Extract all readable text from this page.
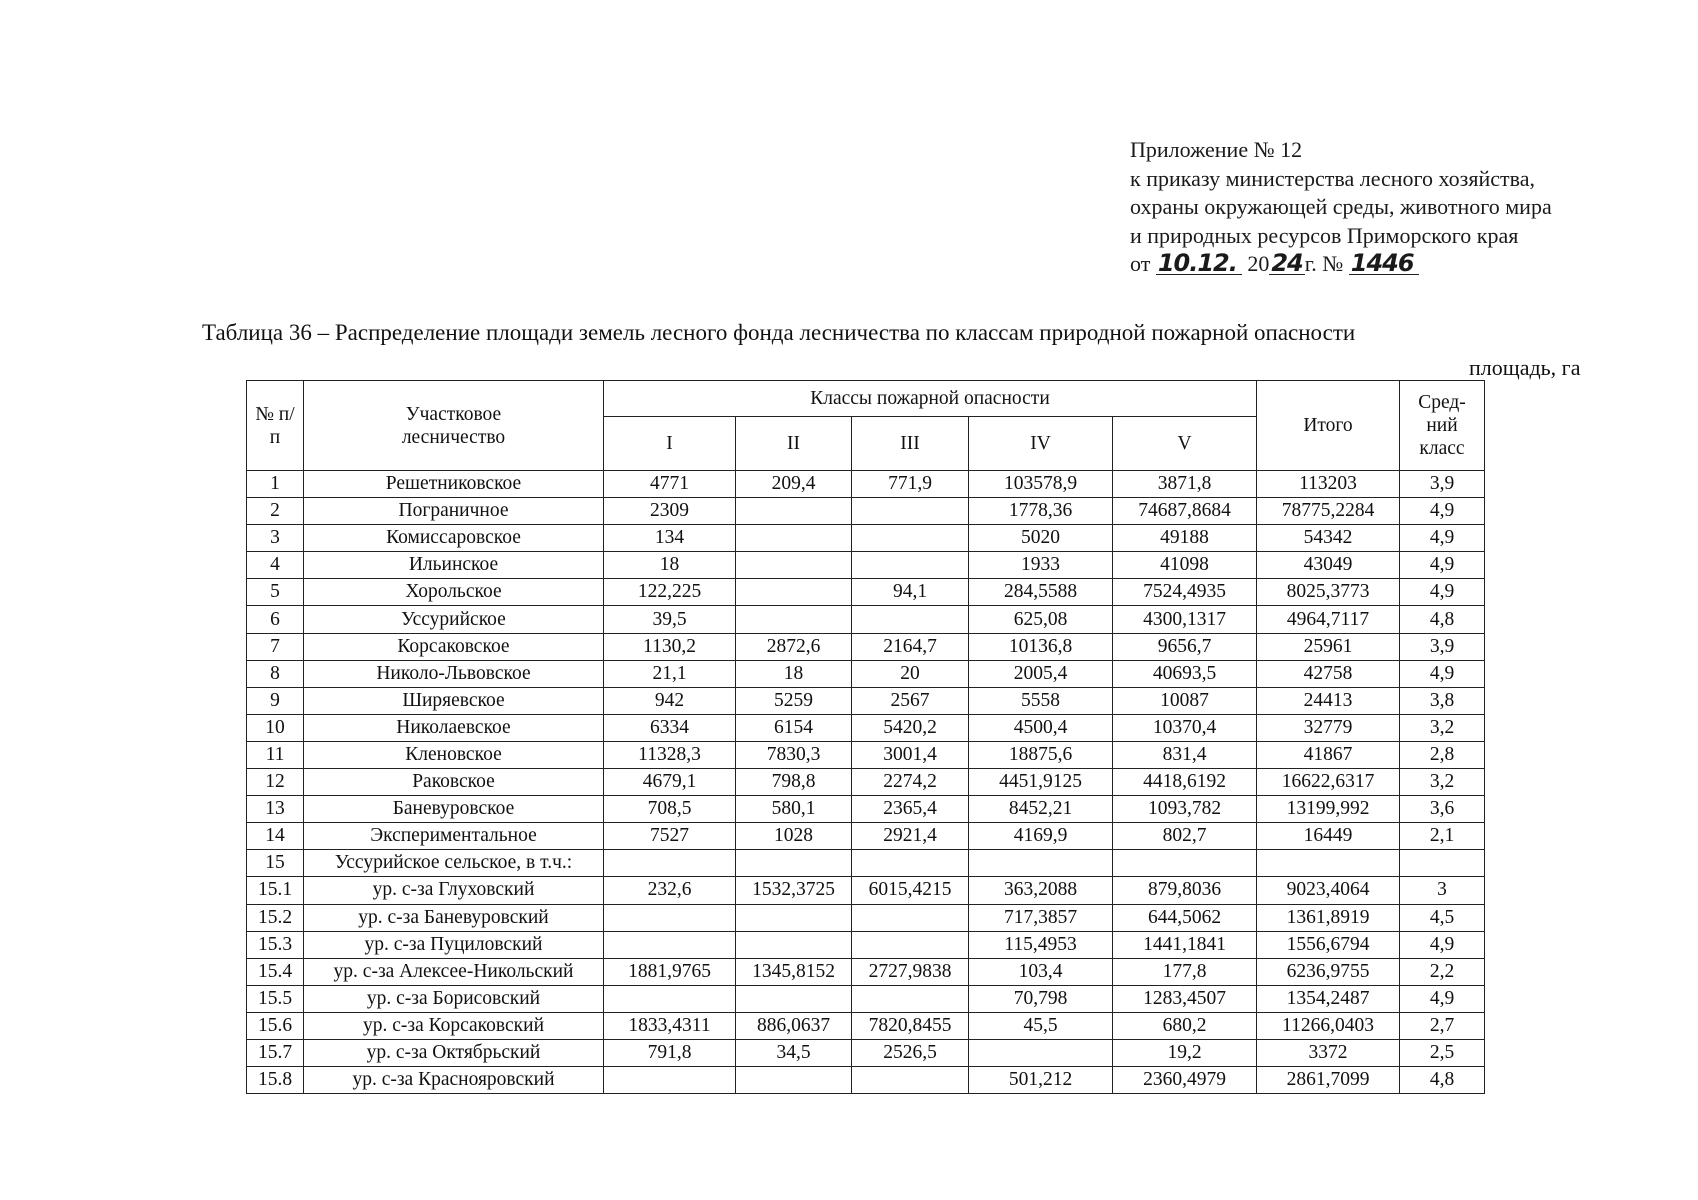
Приложение № 12
к приказу министерства лесного хозяйства,
охраны окружающей среды, животного мира
и природных ресурсов Приморского края
от 10.12. 2024г. № 1446
Таблица 36 – Распределение площади земель лесного фонда лесничества по классам природной пожарной опасности
площадь, га
№ п/п	Участковое лесничество	Классы пожарной опасности					Итого	Сред-ний класс
		I	II	III	IV	V		
1	Решетниковское	4771	209,4	771,9	103578,9	3871,8	113203	3,9
2	Пограничное	2309			1778,36	74687,8684	78775,2284	4,9
3	Комиссаровское	134			5020	49188	54342	4,9
4	Ильинское	18			1933	41098	43049	4,9
5	Хорольское	122,225		94,1	284,5588	7524,4935	8025,3773	4,9
6	Уссурийское	39,5			625,08	4300,1317	4964,7117	4,8
7	Корсаковское	1130,2	2872,6	2164,7	10136,8	9656,7	25961	3,9
8	Николо-Львовское	21,1	18	20	2005,4	40693,5	42758	4,9
9	Ширяевское	942	5259	2567	5558	10087	24413	3,8
10	Николаевское	6334	6154	5420,2	4500,4	10370,4	32779	3,2
11	Кленовское	11328,3	7830,3	3001,4	18875,6	831,4	41867	2,8
12	Раковское	4679,1	798,8	2274,2	4451,9125	4418,6192	16622,6317	3,2
13	Баневуровское	708,5	580,1	2365,4	8452,21	1093,782	13199,992	3,6
14	Экспериментальное	7527	1028	2921,4	4169,9	802,7	16449	2,1
15	Уссурийское сельское, в т.ч.:							
15.1	ур. с-за Глуховский	232,6	1532,3725	6015,4215	363,2088	879,8036	9023,4064	3
15.2	ур. с-за Баневуровский				717,3857	644,5062	1361,8919	4,5
15.3	ур. с-за Пуциловский				115,4953	1441,1841	1556,6794	4,9
15.4	ур. с-за Алексее-Никольский	1881,9765	1345,8152	2727,9838	103,4	177,8	6236,9755	2,2
15.5	ур. с-за Борисовский				70,798	1283,4507	1354,2487	4,9
15.6	ур. с-за Корсаковский	1833,4311	886,0637	7820,8455	45,5	680,2	11266,0403	2,7
15.7	ур. с-за Октябрьский	791,8	34,5	2526,5		19,2	3372	2,5
15.8	ур. с-за Краснояровский				501,212	2360,4979	2861,7099	4,8
